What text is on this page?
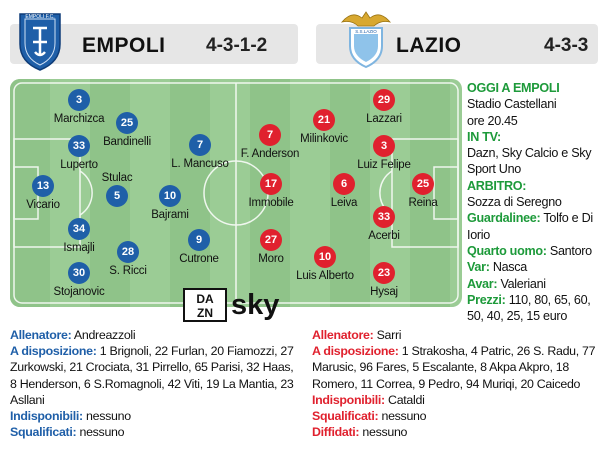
EMPOLI 4-3-1-2
EMPOLI F.C.
LAZIO	4-3-3
S.S.LAZIO
3
Marchizca	25
Bandinelli
33
Luperto
13
Vicario
Stulac
5
34
Ismajli
30
Stojanovic
28
S. Ricci
7
L. Mancuso
10
Bajrami
9
Cutrone
7
F. Anderson
17
Immobile
27
Moro
21
Milinkovic
6
Leiva
10
Luis Alberto
29
Lazzari
3
Luiz Felipe
33
Acerbi
23
Hysaj
25
Reina
DA
ZN sky
OGGI A EMPOLI
Stadio Castellani
ore 20.45
IN TV:
Dazn, Sky Calcio e Sky Sport Uno
ARBITRO:
Sozza di Seregno
Guardalinee: Tolfo e Di Iorio
Quarto uomo: Santoro
Var: Nasca
Avar: Valeriani
Prezzi: 110, 80, 65, 60, 50, 40, 25, 15 euro
Allenatore: Andreazzoli
A disposizione: 1 Brignoli, 22 Furlan, 20 Fiamozzi, 27 Zurkowski, 21 Crociata, 31 Pirrello, 65 Parisi, 32 Haas, 8 Henderson, 6 S.Romagnoli, 42 Viti, 19 La Mantia, 23 Asllani
Indisponibili: nessuno
Squalificati: nessuno
Allenatore: Sarri
A disposizione: 1 Strakosha, 4 Patric, 26 S. Radu, 77 Marusic, 96 Fares, 5 Escalante, 8 Akpa Akpro, 18 Romero, 11 Correa, 9 Pedro, 94 Muriqi, 20 Caicedo
Indisponibili: Cataldi
Squalificati: nessuno
Diffidati: nessuno
